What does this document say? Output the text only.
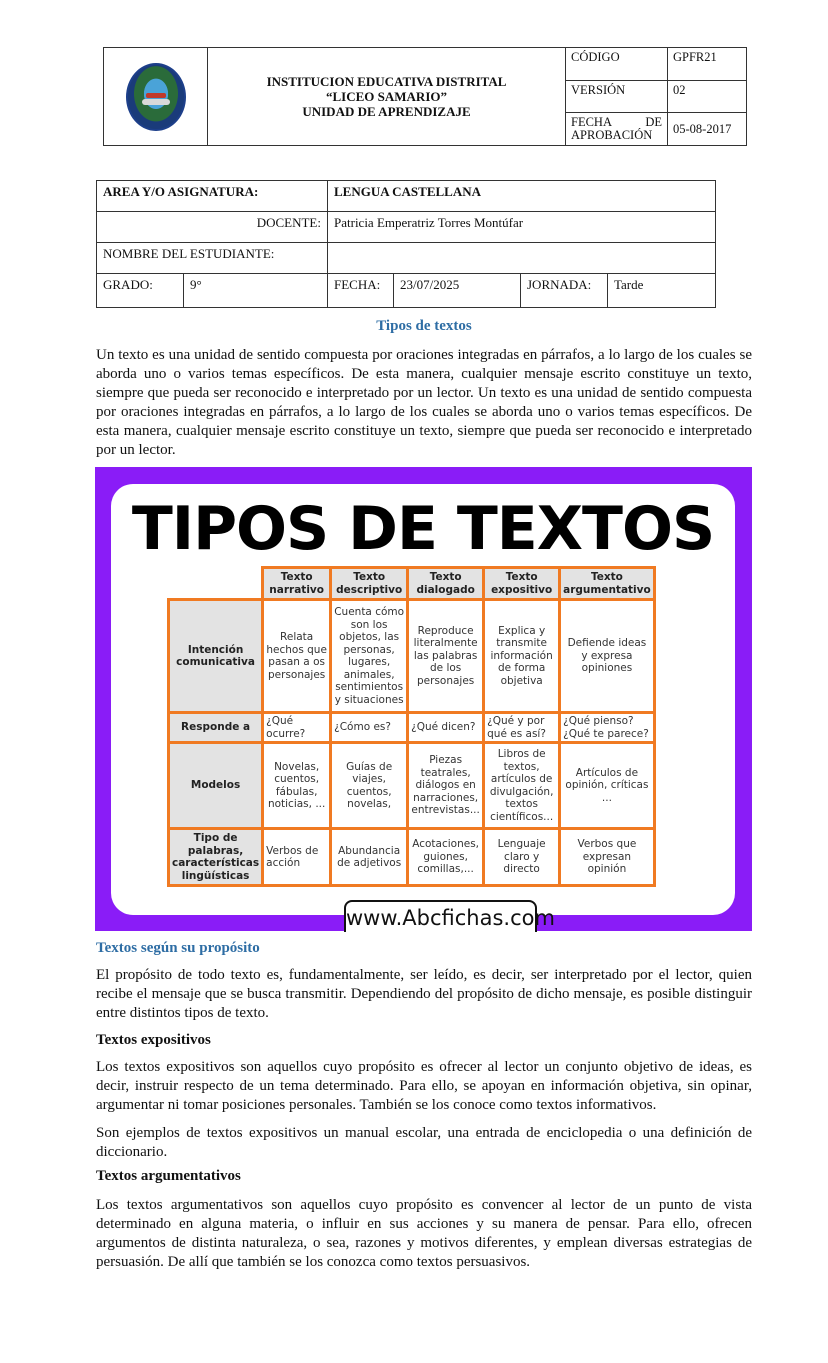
	INSTITUCION EDUCATIVA DISTRITAL
“LICEO SAMARIO”
UNIDAD DE APRENDIZAJE	CÓDIGO	GPFR21
		VERSIÓN	02

		FECHA DE
APROBACIÓN	05-08-2017
AREA Y/O ASIGNATURA:		LENGUA CASTELLANA			
DOCENTE:		Patricia Emperatriz Torres Montúfar			
NOMBRE DEL ESTUDIANTE:					
GRADO:	9°	FECHA:	23/07/2025	JORNADA:	Tarde
Tipos de textos
Un texto es una unidad de sentido compuesta por oraciones integradas en párrafos, a lo largo de los cuales se aborda uno o varios temas específicos. De esta manera, cualquier mensaje escrito constituye un texto, siempre que pueda ser reconocido e interpretado por un lector. Un texto es una unidad de sentido compuesta por oraciones integradas en párrafos, a lo largo de los cuales se aborda uno o varios temas específicos. De esta manera, cualquier mensaje escrito constituye un texto, siempre que pueda ser reconocido e interpretado por un lector.
TIPOS DE TEXTOS
	Texto narrativo	Texto descriptivo	Texto dialogado	Texto expositivo	Texto argumentativo
Intención comunicativa	Relata hechos que pasan a os personajes	Cuenta cómo son los objetos, las personas, lugares, animales, sentimientos y situaciones	Reproduce literalmente las palabras de los personajes	Explica y transmite información de forma objetiva	Defiende ideas y expresa opiniones
Responde a	¿Qué ocurre?	¿Cómo es?	¿Qué dicen?	¿Qué y por qué es así?	¿Qué pienso? ¿Qué te parece?
Modelos	Novelas, cuentos, fábulas, noticias, ...	Guías de viajes, cuentos, novelas,	Piezas teatrales, diálogos en narraciones, entrevistas...	Libros de textos, artículos de divulgación, textos científicos...	Artículos de opinión, críticas ...
Tipo de palabras, características lingüísticas	Verbos de acción	Abundancia de adjetivos	Acotaciones, guiones, comillas,...	Lenguaje claro y directo	Verbos que expresan opinión
www.Abcfichas.com
Textos según su propósito
El propósito de todo texto es, fundamentalmente, ser leído, es decir, ser interpretado por el lector, quien recibe el mensaje que se busca transmitir. Dependiendo del propósito de dicho mensaje, es posible distinguir entre distintos tipos de texto.
Textos expositivos
Los textos expositivos son aquellos cuyo propósito es ofrecer al lector un conjunto objetivo de ideas, es decir, instruir respecto de un tema determinado. Para ello, se apoyan en información objetiva, sin opinar, argumentar ni tomar posiciones personales. También se los conoce como textos informativos.
Son ejemplos de textos expositivos un manual escolar, una entrada de enciclopedia o una definición de diccionario.
Textos argumentativos
Los textos argumentativos son aquellos cuyo propósito es convencer al lector de un punto de vista determinado en alguna materia, o influir en sus acciones y su manera de pensar. Para ello, ofrecen argumentos de distinta naturaleza, o sea, razones y motivos diferentes, y emplean diversas estrategias de persuasión. De allí que también se los conozca como textos persuasivos.
